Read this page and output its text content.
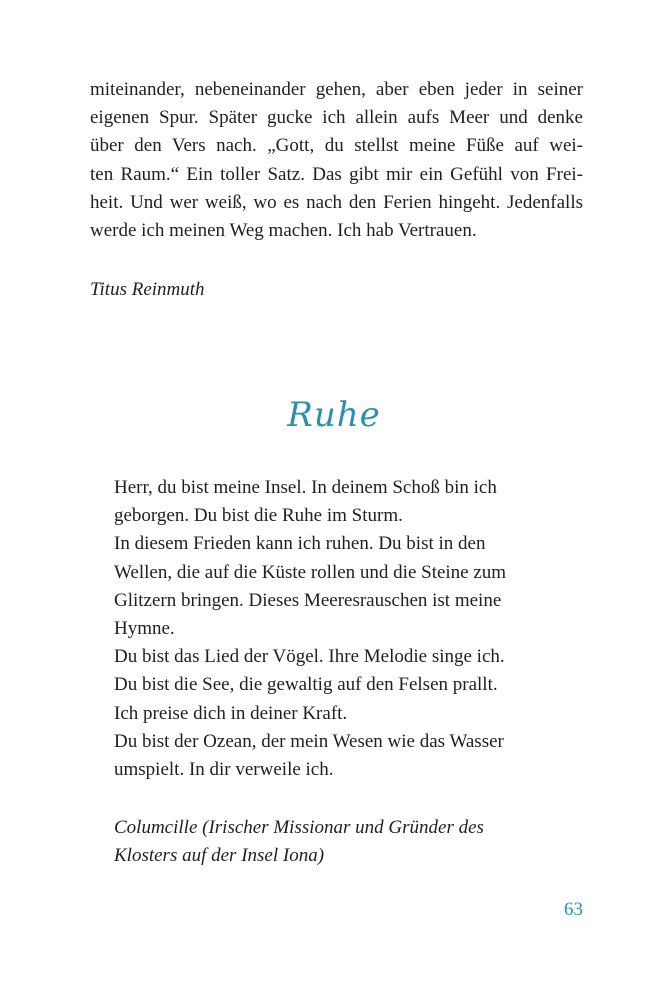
miteinander, nebeneinander gehen, aber eben jeder in seiner
eigenen Spur. Später gucke ich allein aufs Meer und denke
über den Vers nach. „Gott, du stellst meine Füße auf wei-
ten Raum.“ Ein toller Satz. Das gibt mir ein Gefühl von Frei-
heit. Und wer weiß, wo es nach den Ferien hingeht. Jedenfalls
werde ich meinen Weg machen. Ich hab Vertrauen.
Titus Reinmuth
Ruhe
Herr, du bist meine Insel. In deinem Schoß bin ich
geborgen. Du bist die Ruhe im Sturm.
In diesem Frieden kann ich ruhen. Du bist in den
Wellen, die auf die Küste rollen und die Steine zum
Glitzern bringen. Dieses Meeresrauschen ist meine
Hymne.
Du bist das Lied der Vögel. Ihre Melodie singe ich.
Du bist die See, die gewaltig auf den Felsen prallt.
Ich preise dich in deiner Kraft.
Du bist der Ozean, der mein Wesen wie das Wasser
umspielt. In dir verweile ich.
Columcille (Irischer Missionar und Gründer des
Klosters auf der Insel Iona)
63
